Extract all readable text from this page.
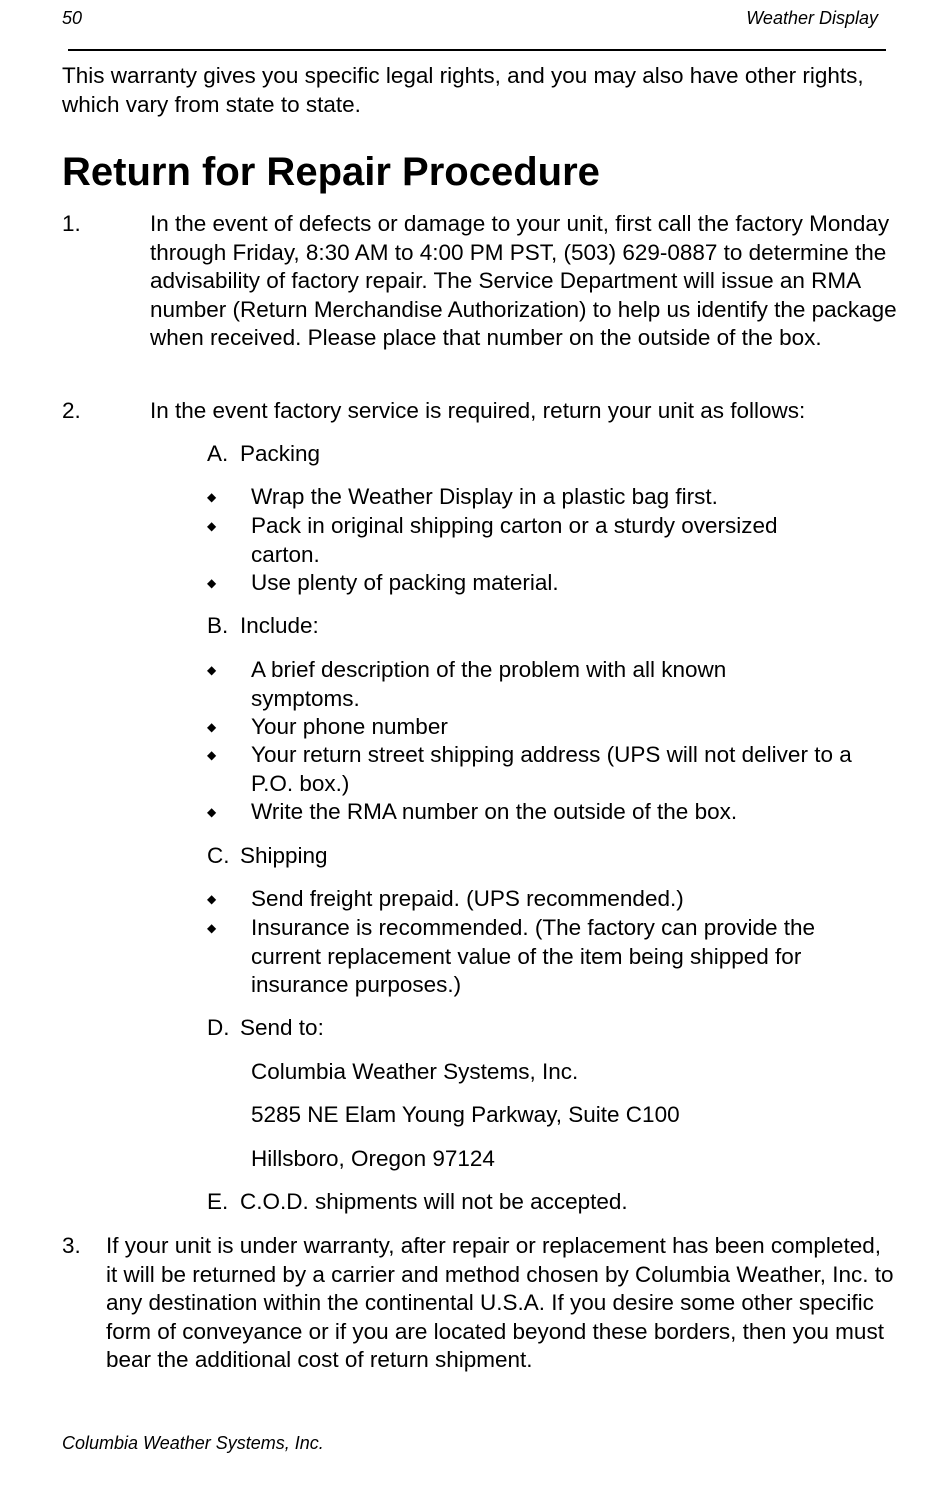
50	Weather Display
This warranty gives you specific legal rights, and you may also have other rights, which vary from state to state.
Return for Repair Procedure
1.	In the event of defects or damage to your unit, first call the factory Monday through Friday, 8:30 AM to 4:00 PM PST, (503) 629-0887 to determine the advisability of factory repair. The Service Department will issue an RMA number (Return Merchandise Authorization) to help us identify the package when received. Please place that number on the outside of the box.
2.	In the event factory service is required, return your unit as follows:
A. Packing
◆ Wrap the Weather Display in a plastic bag first.
◆ Pack in original shipping carton or a sturdy oversized carton.
◆ Use plenty of packing material.
B. Include:
◆ A brief description of the problem with all known symptoms.
◆ Your phone number
◆ Your return street shipping address (UPS will not deliver to a P.O. box.)
◆ Write the RMA number on the outside of the box.
C. Shipping
◆ Send freight prepaid. (UPS recommended.)
◆ Insurance is recommended. (The factory can provide the current replacement value of the item being shipped for insurance purposes.)
D. Send to:
Columbia Weather Systems, Inc.
5285 NE Elam Young Parkway, Suite C100
Hillsboro, Oregon 97124
E. C.O.D. shipments will not be accepted.
3. If your unit is under warranty, after repair or replacement has been completed, it will be returned by a carrier and method chosen by Columbia Weather, Inc. to any destination within the continental U.S.A. If you desire some other specific form of conveyance or if you are located beyond these borders, then you must bear the additional cost of return shipment.
Columbia Weather Systems, Inc.
